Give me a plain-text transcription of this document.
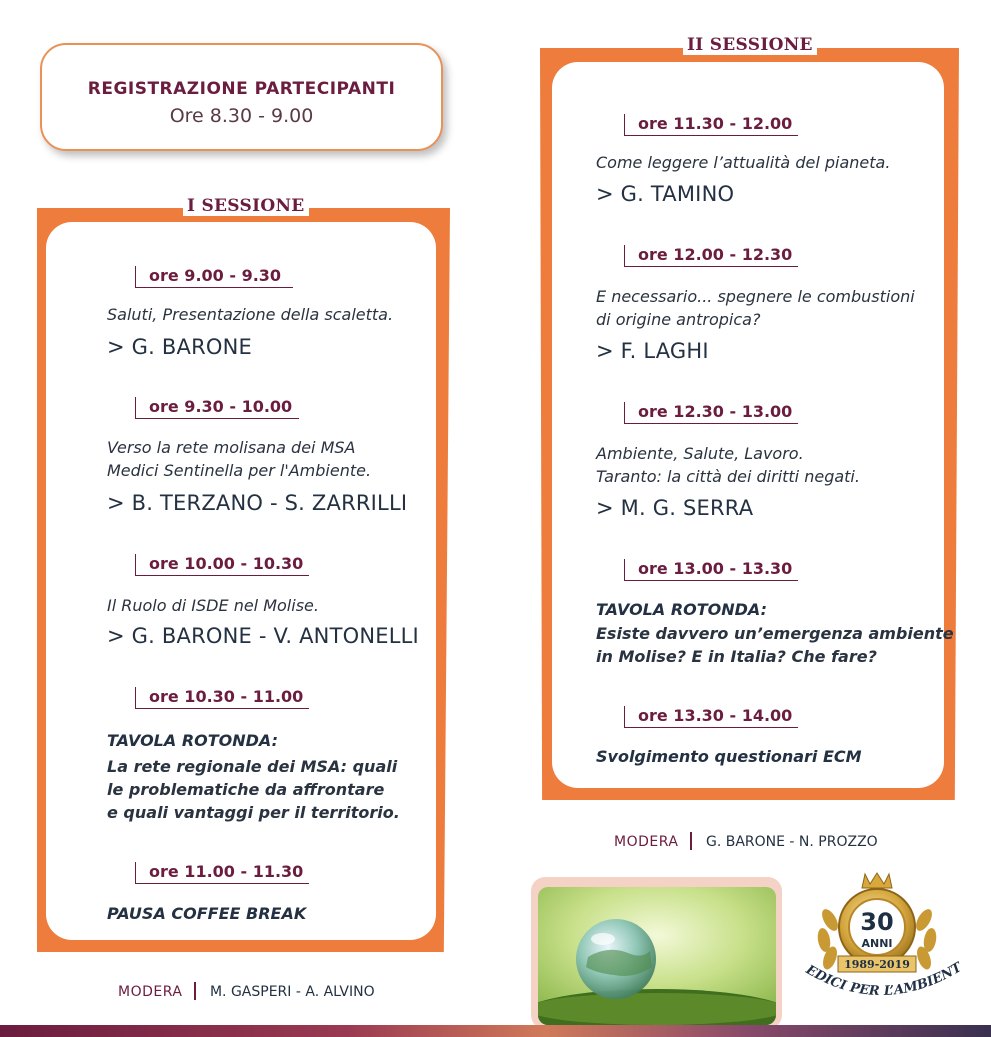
REGISTRAZIONE PARTECIPANTI
Ore 8.30 - 9.00
I SESSIONE
ore 9.00 - 9.30
Saluti, Presentazione della scaletta.
> G. BARONE
ore 9.30 - 10.00
Verso la rete molisana dei MSA
Medici Sentinella per l'Ambiente.
> B. TERZANO - S. ZARRILLI
ore 10.00 - 10.30
Il Ruolo di ISDE nel Molise.
> G. BARONE - V. ANTONELLI
ore 10.30 - 11.00
TAVOLA ROTONDA:
La rete regionale dei MSA: quali
le problematiche da affrontare
e quali vantaggi per il territorio.
ore 11.00 - 11.30
PAUSA COFFEE BREAK
MODERA M. GASPERI - A. ALVINO
II SESSIONE
ore 11.30 - 12.00
Come leggere l’attualità del pianeta.
> G. TAMINO
ore 12.00 - 12.30
E necessario... spegnere le combustioni
di origine antropica?
> F. LAGHI
ore 12.30 - 13.00
Ambiente, Salute, Lavoro.
Taranto: la città dei diritti negati.
> M. G. SERRA
ore 13.00 - 13.30
TAVOLA ROTONDA:
Esiste davvero un’emergenza ambiente
in Molise? E in Italia? Che fare?
ore 13.30 - 14.00
Svolgimento questionari ECM
MODERA G. BARONE - N. PROZZO
30
ANNI
1989-2019
EDICI PER L’AMBIENT
